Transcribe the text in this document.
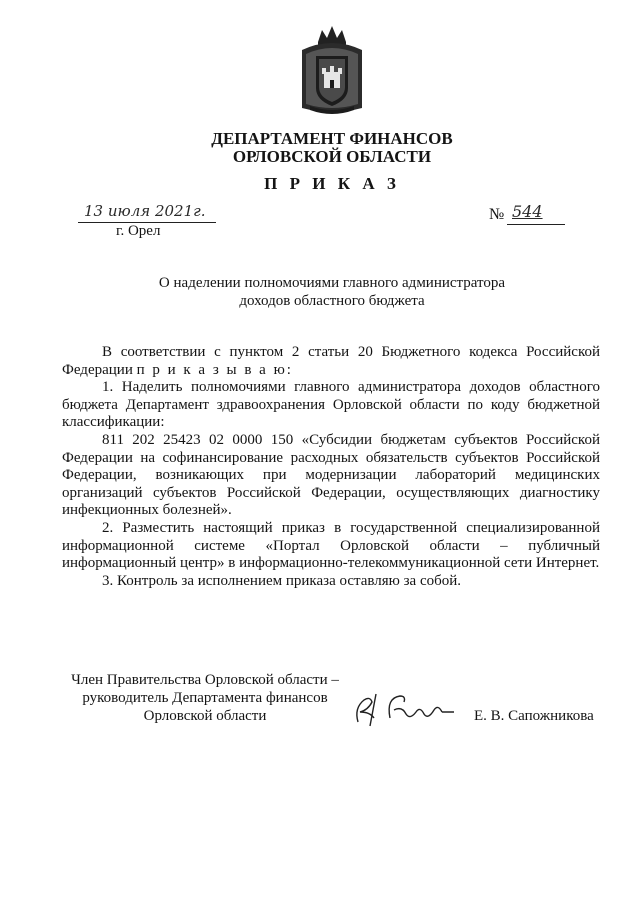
ДЕПАРТАМЕНТ ФИНАНСОВ
ОРЛОВСКОЙ ОБЛАСТИ
П Р И К А З
13 июля 2021г.
г. Орел
№ 544
О наделении полномочиями главного администратора
доходов областного бюджета

В соответствии с пунктом 2 статьи 20 Бюджетного кодекса Российской Федерации п р и к а з ы в а ю:

1. Наделить полномочиями главного администратора доходов областного бюджета Департамент здравоохранения Орловской области по коду бюджетной классификации:

811 202 25423 02 0000 150 «Субсидии бюджетам субъектов Российской Федерации на софинансирование расходных обязательств субъектов Российской Федерации, возникающих при модернизации лабораторий медицинских организаций субъектов Российской Федерации, осуществляющих диагностику инфекционных болезней».

2. Разместить настоящий приказ в государственной специализированной информационной системе «Портал Орловской области – публичный информационный центр» в информационно-телекоммуникационной сети Интернет.

3. Контроль за исполнением приказа оставляю за собой.

Член Правительства Орловской области –
руководитель Департамента финансов
Орловской области	Е. В. Сапожникова
